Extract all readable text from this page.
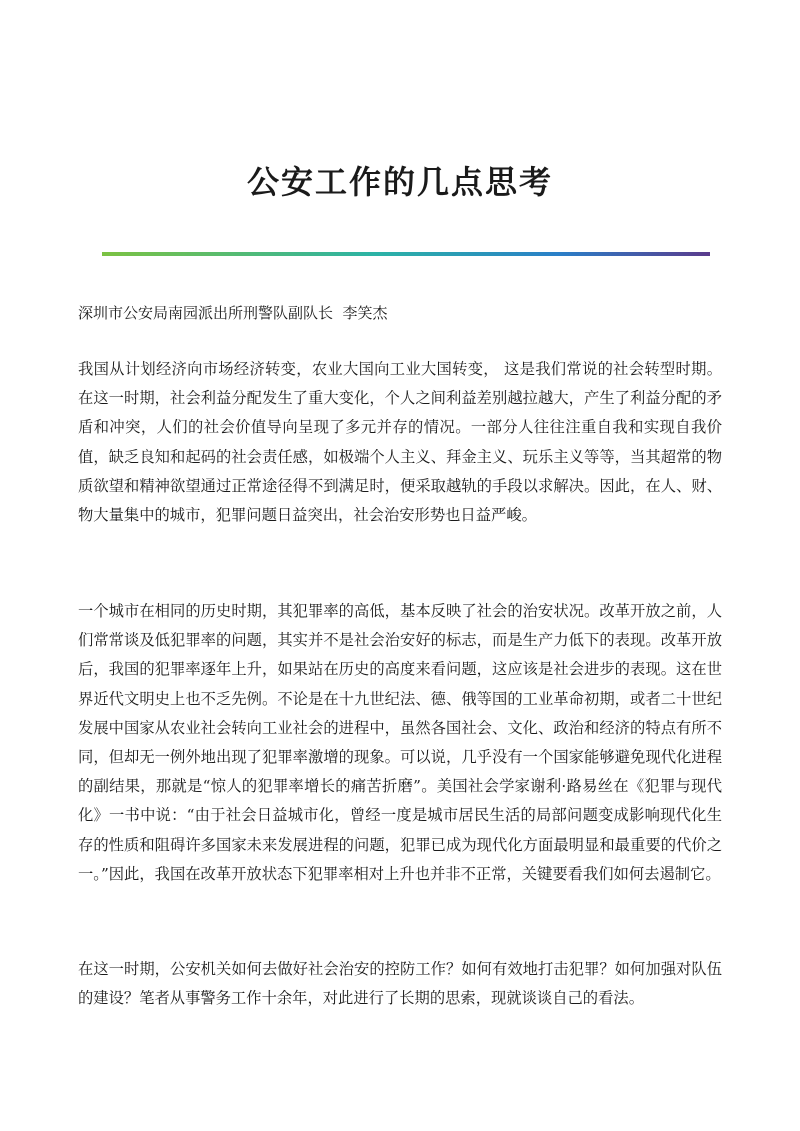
公安工作的几点思考

深圳市公安局南园派出所刑警队副队长  李笑杰

我国从计划经济向市场经济转变，农业大国向工业大国转变， 这是我们常说的社会转型时期。在这一时期，社会利益分配发生了重大变化，个人之间利益差别越拉越大，产生了利益分配的矛盾和冲突，人们的社会价值导向呈现了多元并存的情况。一部分人往往注重自我和实现自我价值，缺乏良知和起码的社会责任感，如极端个人主义、拜金主义、玩乐主义等等，当其超常的物质欲望和精神欲望通过正常途径得不到满足时，便采取越轨的手段以求解决。因此，在人、财、物大量集中的城市，犯罪问题日益突出，社会治安形势也日益严峻。

一个城市在相同的历史时期，其犯罪率的高低，基本反映了社会的治安状况。改革开放之前，人们常常谈及低犯罪率的问题，其实并不是社会治安好的标志，而是生产力低下的表现。改革开放后，我国的犯罪率逐年上升，如果站在历史的高度来看问题，这应该是社会进步的表现。这在世界近代文明史上也不乏先例。不论是在十九世纪法、德、俄等国的工业革命初期，或者二十世纪发展中国家从农业社会转向工业社会的进程中，虽然各国社会、文化、政治和经济的特点有所不同，但却无一例外地出现了犯罪率激增的现象。可以说，几乎没有一个国家能够避免现代化进程的副结果，那就是“惊人的犯罪率增长的痛苦折磨”。美国社会学家谢利·路易丝在《犯罪与现代化》一书中说：“由于社会日益城市化，曾经一度是城市居民生活的局部问题变成影响现代化生存的性质和阻碍许多国家未来发展进程的问题，犯罪已成为现代化方面最明显和最重要的代价之一。”因此，我国在改革开放状态下犯罪率相对上升也并非不正常，关键要看我们如何去遏制它。

在这一时期，公安机关如何去做好社会治安的控防工作？如何有效地打击犯罪？如何加强对队伍的建设？笔者从事警务工作十余年，对此进行了长期的思索，现就谈谈自己的看法。
